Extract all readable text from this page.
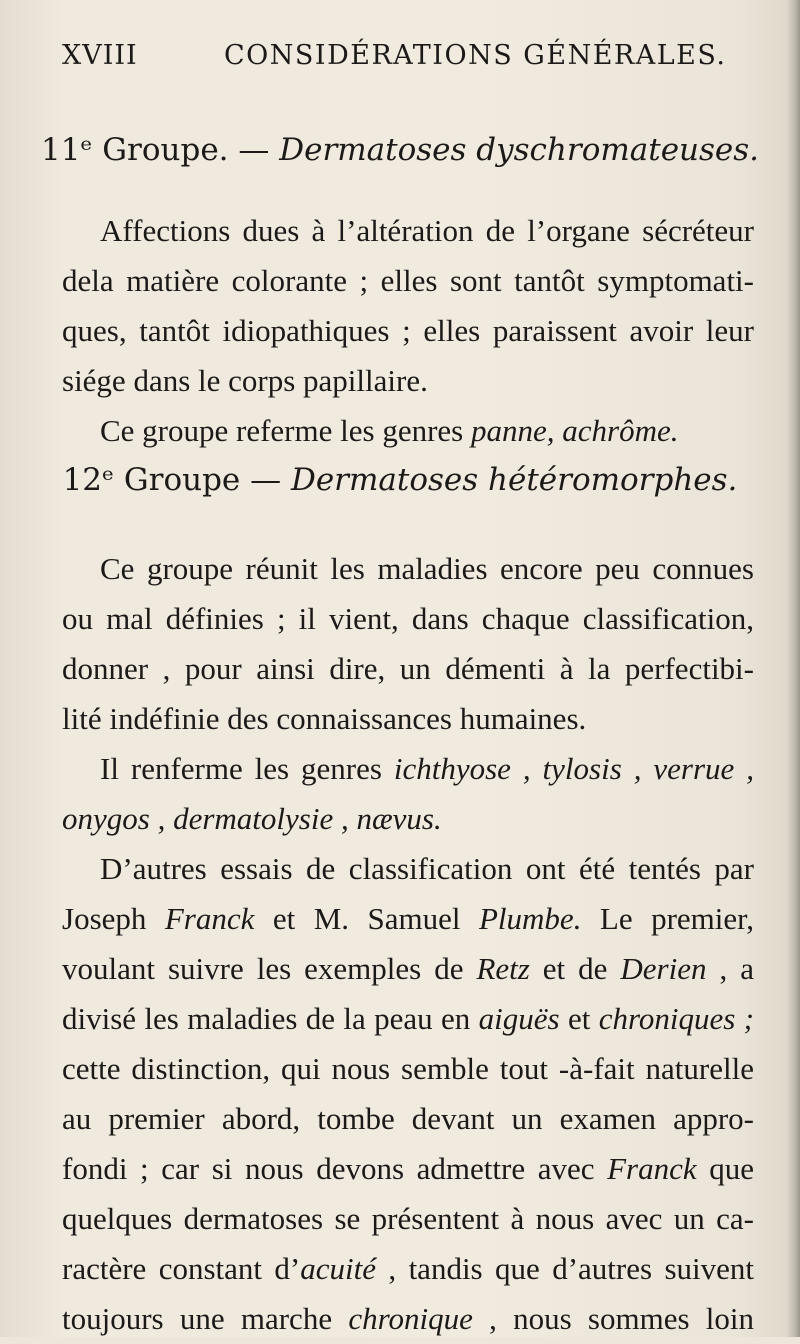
XVIII	CONSIDÉRATIONS GÉNÉRALES.
11ᵉ Groupe. — Dermatoses dyschromateuses.
Affections dues à l’altération de l’organe sécréteur
dela matière colorante ; elles sont tantôt symptomati-
ques, tantôt idiopathiques ; elles paraissent avoir leur
siége dans le corps papillaire.
Ce groupe referme les genres panne, achrôme.
12ᵉ Groupe — Dermatoses hétéromorphes.
Ce groupe réunit les maladies encore peu connues
ou mal définies ; il vient, dans chaque classification,
donner , pour ainsi dire, un démenti à la perfectibi-
lité indéfinie des connaissances humaines.
Il renferme les genres ichthyose , tylosis , verrue ,
onygos , dermatolysie , nævus.
D’autres essais de classification ont été tentés par
Joseph Franck et M. Samuel Plumbe. Le premier,
voulant suivre les exemples de Retz et de Derien , a
divisé les maladies de la peau en aiguës et chroniques ;
cette distinction, qui nous semble tout -à-fait naturelle
au premier abord, tombe devant un examen appro-
fondi ; car si nous devons admettre avec Franck que
quelques dermatoses se présentent à nous avec un ca-
ractère constant d’acuité , tandis que d’autres suivent
toujours une marche chronique , nous sommes loin
